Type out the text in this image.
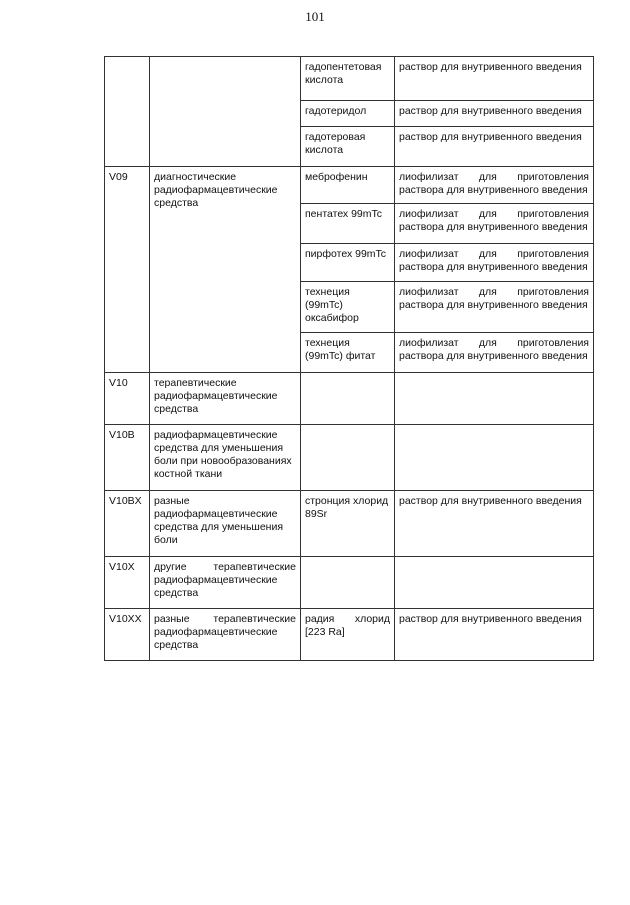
101
		гадопентетовая кислота	раствор для внутривенного введения
		гадотеридол	раствор для внутривенного введения
		гадотеровая кислота	раствор для внутривенного введения
V09	диагностические радиофармацевтические средства	меброфенин	лиофилизат для приготовления раствора для внутривенного введения
		пентатех 99mTc	лиофилизат для приготовления раствора для внутривенного введения
		пирфотех 99mTc	лиофилизат для приготовления раствора для внутривенного введения
		технеция (99mTc) оксабифор	лиофилизат для приготовления раствора для внутривенного введения
		технеция (99mTc) фитат	лиофилизат для приготовления раствора для внутривенного введения
V10	терапевтические радиофармацевтические средства		
V10B	радиофармацевтические средства для уменьшения боли при новообразованиях костной ткани		
V10BX	разные радиофармацевтические средства для уменьшения боли	стронция хлорид 89Sr	раствор для внутривенного введения
V10X	другие терапевтические радиофармацевтические средства		
V10XX	разные терапевтические радиофармацевтические средства	радия хлорид [223 Ra]	раствор для внутривенного введения
